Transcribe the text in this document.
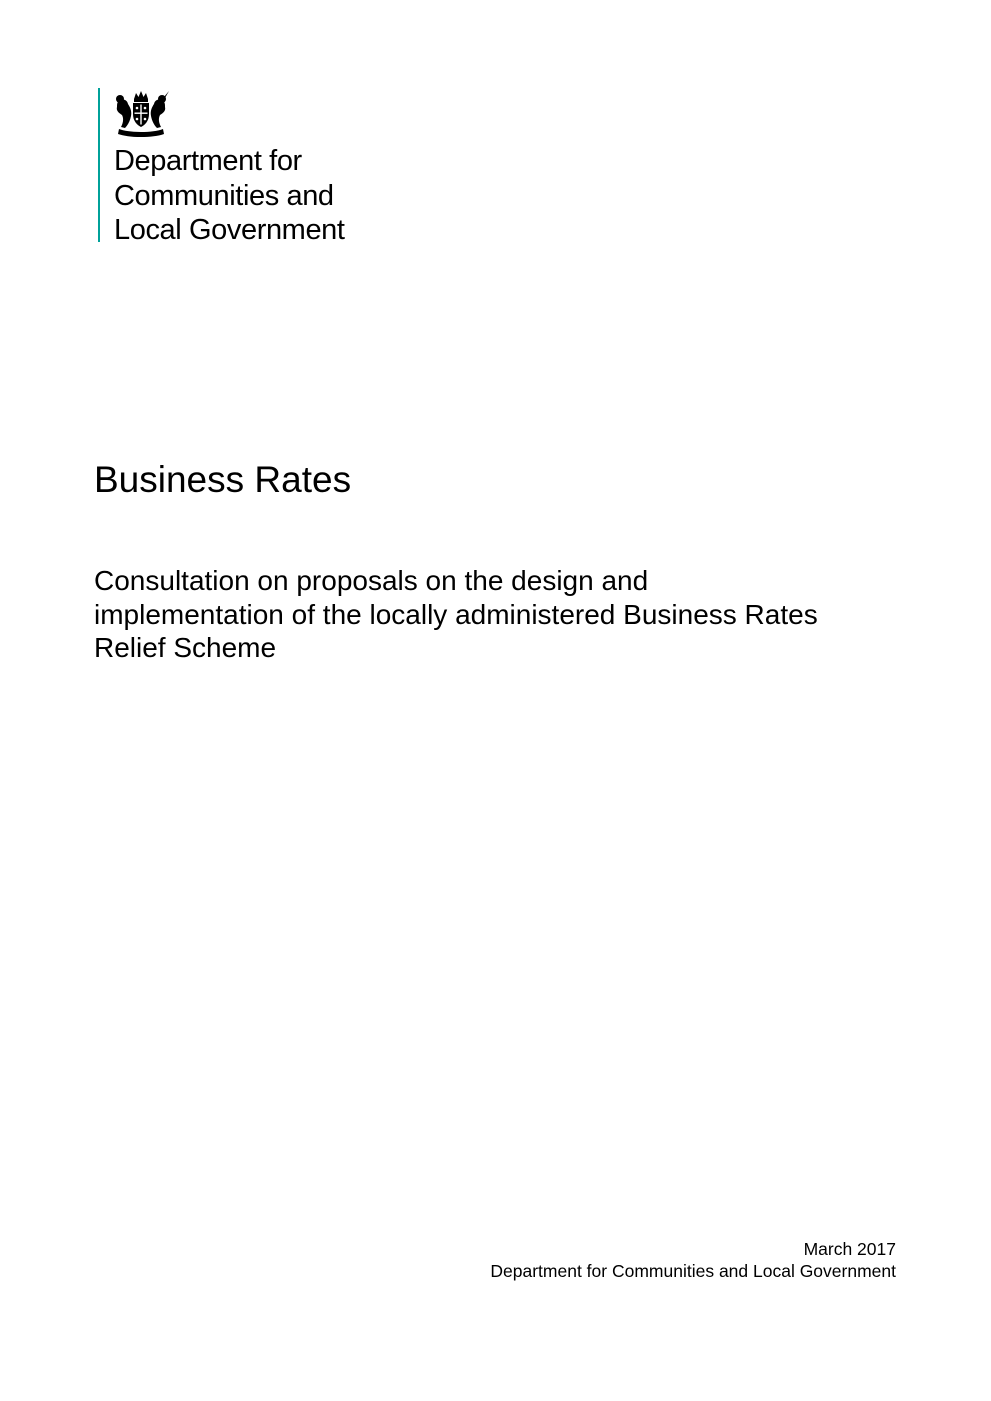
Department for
Communities and
Local Government
Business Rates
Consultation on proposals on the design and
implementation of the locally administered Business Rates
Relief Scheme
March 2017
Department for Communities and Local Government
